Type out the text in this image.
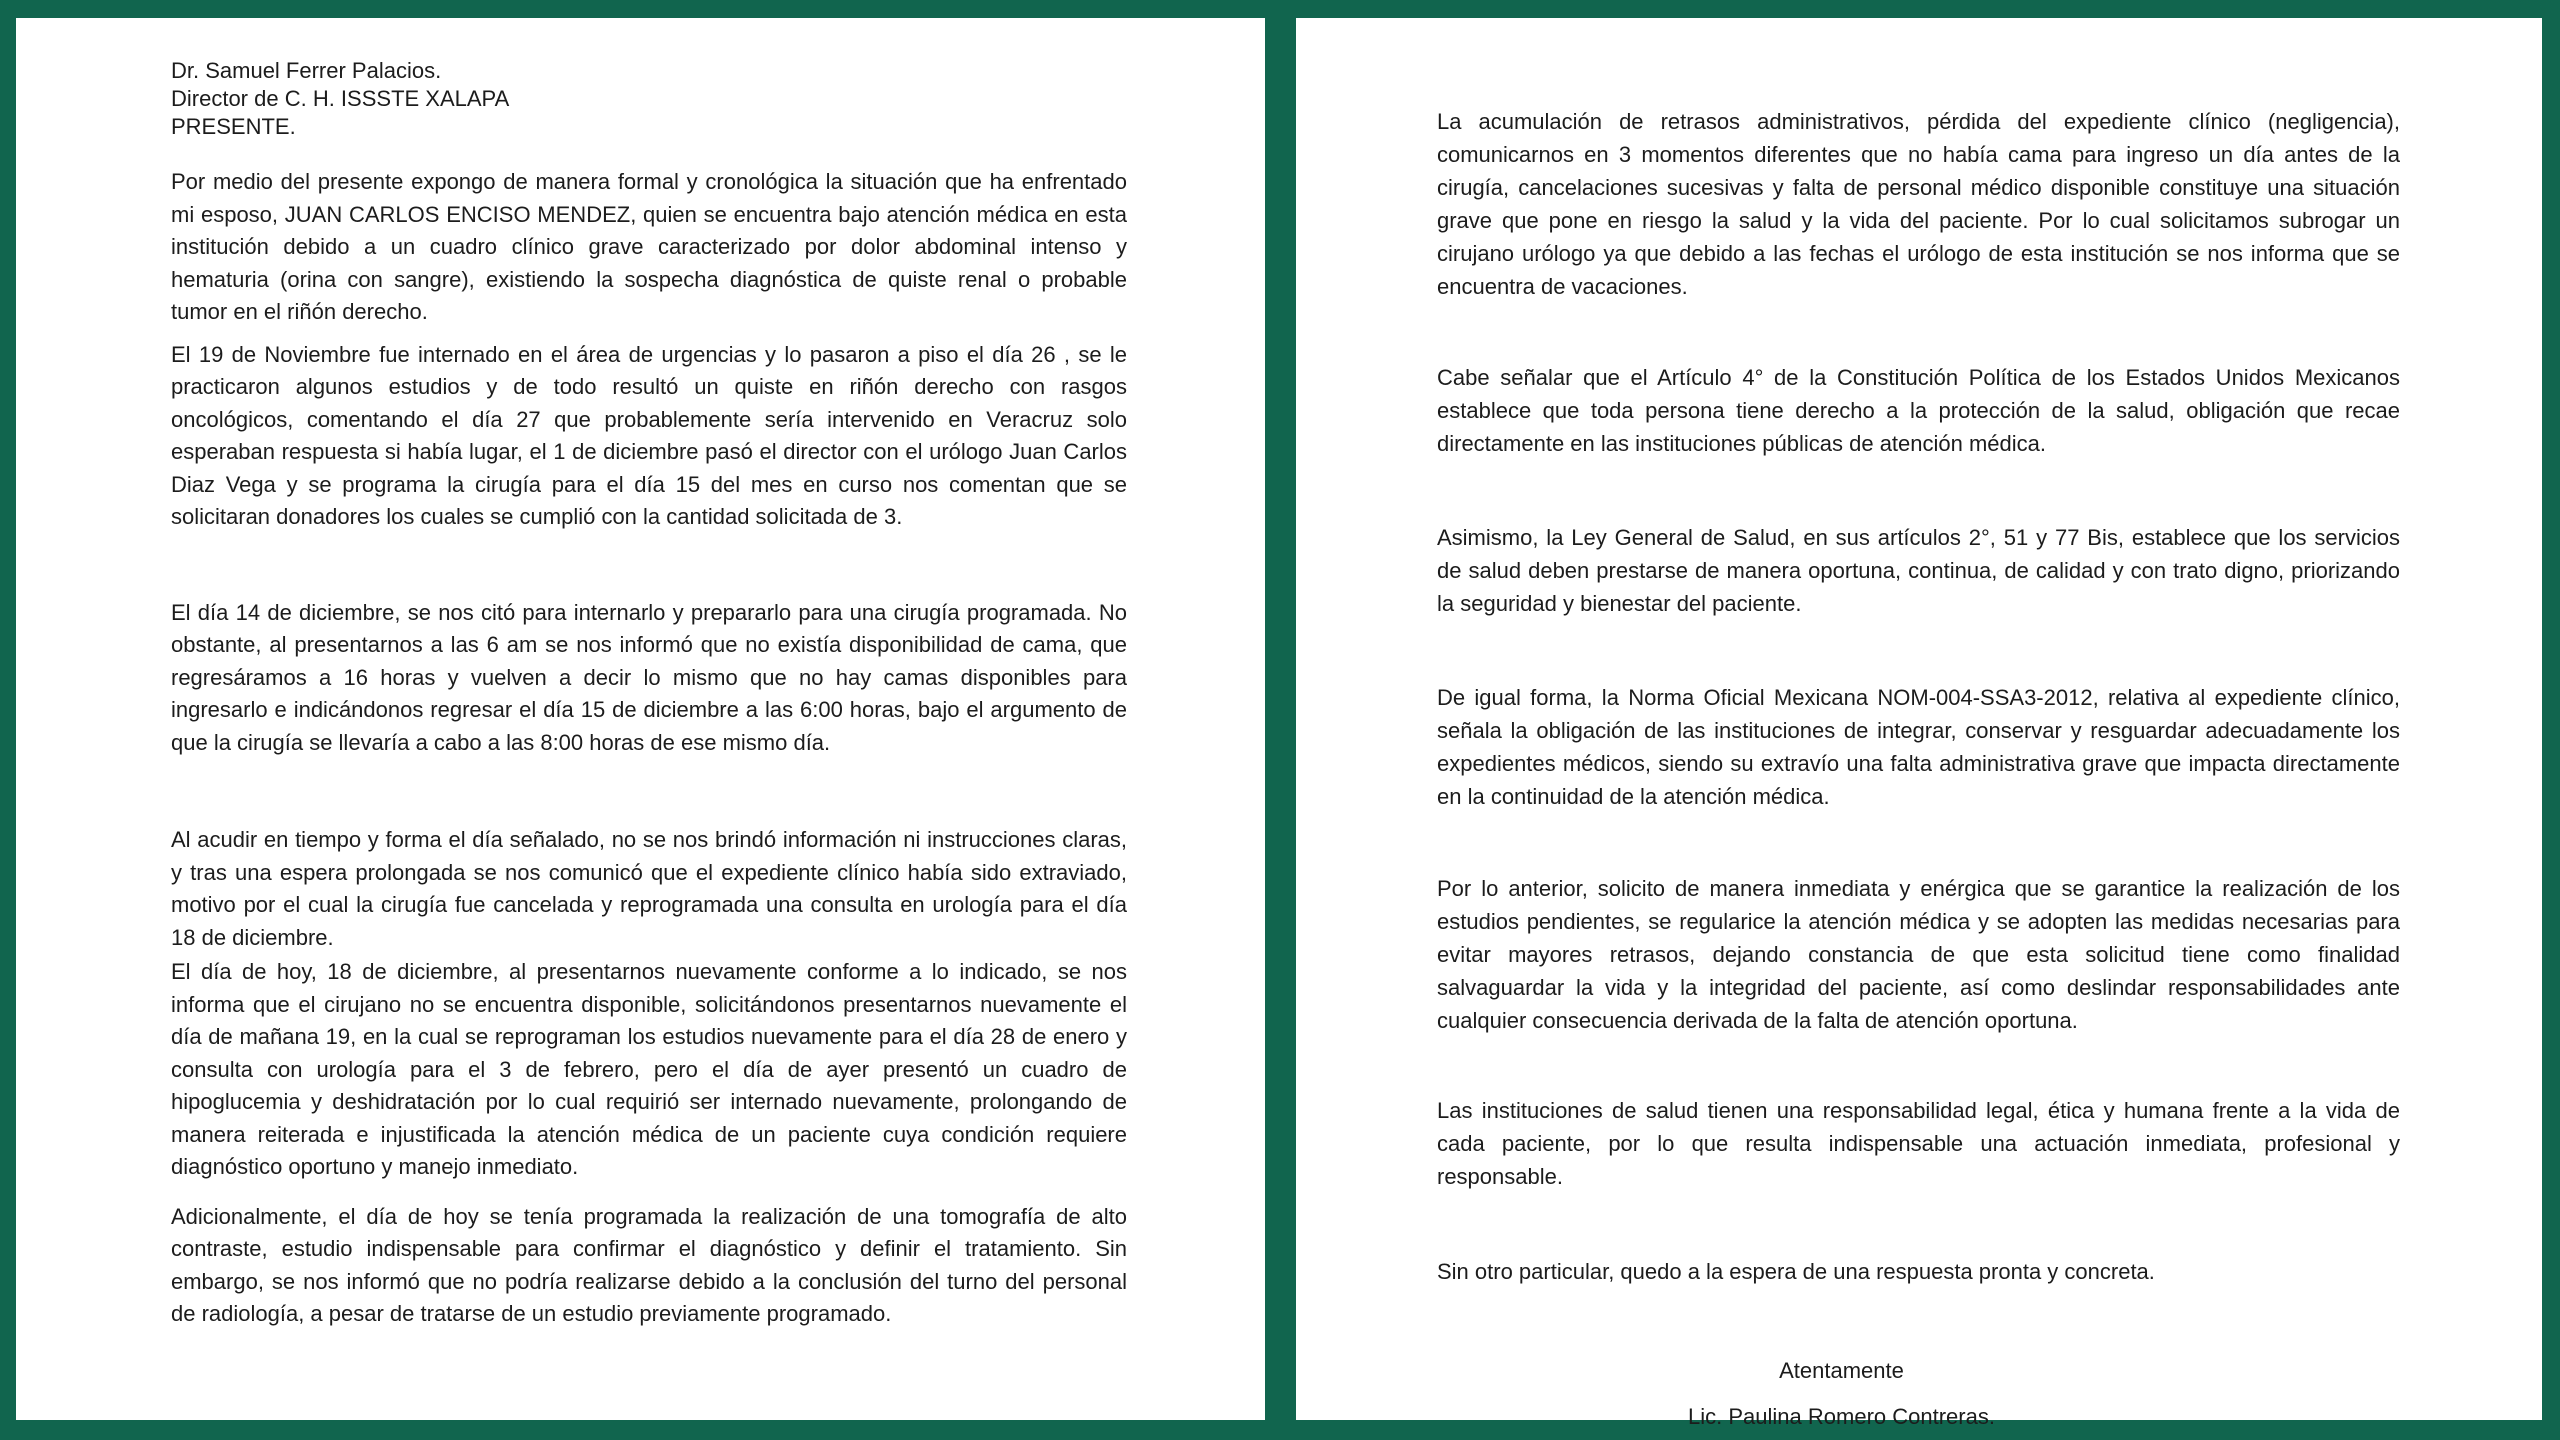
Dr. Samuel Ferrer Palacios.
Director de C. H. ISSSTE XALAPA
PRESENTE.

Por medio del presente expongo de manera formal y cronológica la situación que ha enfrentado mi esposo, JUAN CARLOS ENCISO MENDEZ, quien se encuentra bajo atención médica en esta institución debido a un cuadro clínico grave caracterizado por dolor abdominal intenso y hematuria (orina con sangre), existiendo la sospecha diagnóstica de quiste renal o probable tumor en el riñón derecho.

El 19 de Noviembre fue internado en el área de urgencias y lo pasaron a piso el día 26 , se le practicaron algunos estudios y de todo resultó un quiste en riñón derecho con rasgos oncológicos, comentando el día 27 que probablemente sería intervenido en Veracruz solo esperaban respuesta si había lugar, el 1 de diciembre pasó el director con el urólogo Juan Carlos Diaz Vega y se programa la cirugía para el día 15 del mes en curso nos comentan que se solicitaran donadores los cuales se cumplió con la cantidad solicitada de 3.

El día 14 de diciembre, se nos citó para internarlo y prepararlo para una cirugía programada. No obstante, al presentarnos a las 6 am se nos informó que no existía disponibilidad de cama, que regresáramos a 16 horas y vuelven a decir lo mismo que no hay camas disponibles para ingresarlo e indicándonos regresar el día 15 de diciembre a las 6:00 horas, bajo el argumento de que la cirugía se llevaría a cabo a las 8:00 horas de ese mismo día.

Al acudir en tiempo y forma el día señalado, no se nos brindó información ni instrucciones claras, y tras una espera prolongada se nos comunicó que el expediente clínico había sido extraviado, motivo por el cual la cirugía fue cancelada y reprogramada una consulta en urología para el día 18 de diciembre.

El día de hoy, 18 de diciembre, al presentarnos nuevamente conforme a lo indicado, se nos informa que el cirujano no se encuentra disponible, solicitándonos presentarnos nuevamente el día de mañana 19, en la cual se reprograman los estudios nuevamente para el día 28 de enero y consulta con urología para el 3 de febrero, pero el día de ayer presentó un cuadro de hipoglucemia y deshidratación por lo cual requirió ser internado nuevamente, prolongando de manera reiterada e injustificada la atención médica de un paciente cuya condición requiere diagnóstico oportuno y manejo inmediato.

Adicionalmente, el día de hoy se tenía programada la realización de una tomografía de alto contraste, estudio indispensable para confirmar el diagnóstico y definir el tratamiento. Sin embargo, se nos informó que no podría realizarse debido a la conclusión del turno del personal de radiología, a pesar de tratarse de un estudio previamente programado.

La acumulación de retrasos administrativos, pérdida del expediente clínico (negligencia), comunicarnos en 3 momentos diferentes que no había cama para ingreso un día antes de la cirugía, cancelaciones sucesivas y falta de personal médico disponible constituye una situación grave que pone en riesgo la salud y la vida del paciente. Por lo cual solicitamos subrogar un cirujano urólogo ya que debido a las fechas el urólogo de esta institución se nos informa que se encuentra de vacaciones.

Cabe señalar que el Artículo 4° de la Constitución Política de los Estados Unidos Mexicanos establece que toda persona tiene derecho a la protección de la salud, obligación que recae directamente en las instituciones públicas de atención médica.

Asimismo, la Ley General de Salud, en sus artículos 2°, 51 y 77 Bis, establece que los servicios de salud deben prestarse de manera oportuna, continua, de calidad y con trato digno, priorizando la seguridad y bienestar del paciente.

De igual forma, la Norma Oficial Mexicana NOM-004-SSA3-2012, relativa al expediente clínico, señala la obligación de las instituciones de integrar, conservar y resguardar adecuadamente los expedientes médicos, siendo su extravío una falta administrativa grave que impacta directamente en la continuidad de la atención médica.

Por lo anterior, solicito de manera inmediata y enérgica que se garantice la realización de los estudios pendientes, se regularice la atención médica y se adopten las medidas necesarias para evitar mayores retrasos, dejando constancia de que esta solicitud tiene como finalidad salvaguardar la vida y la integridad del paciente, así como deslindar responsabilidades ante cualquier consecuencia derivada de la falta de atención oportuna.

Las instituciones de salud tienen una responsabilidad legal, ética y humana frente a la vida de cada paciente, por lo que resulta indispensable una actuación inmediata, profesional y responsable.

Sin otro particular, quedo a la espera de una respuesta pronta y concreta.

Atentamente

Lic. Paulina Romero Contreras.
